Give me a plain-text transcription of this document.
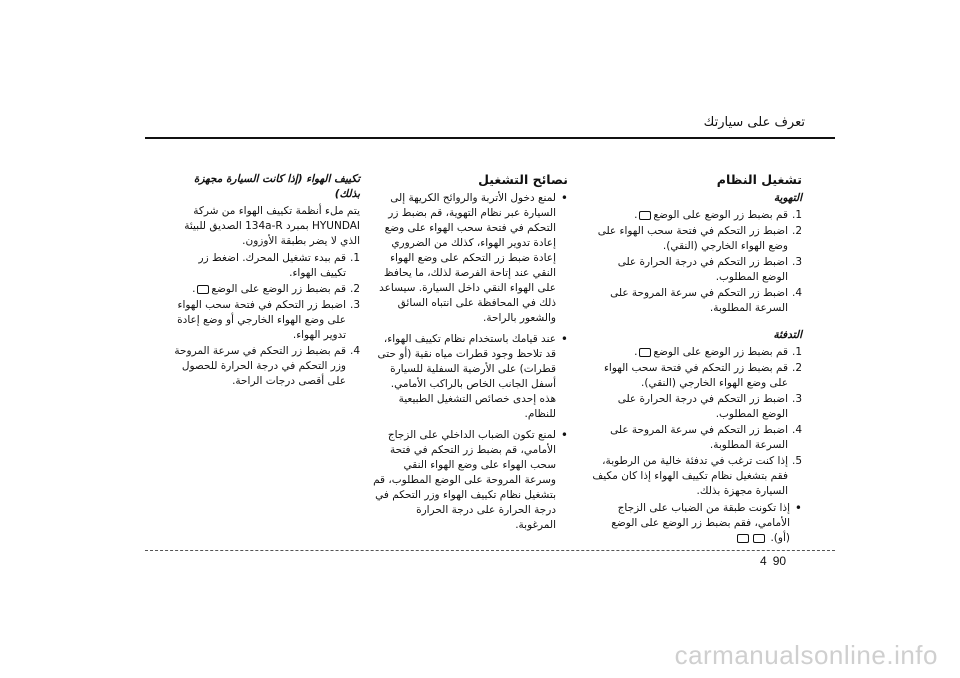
تعرف على سيارتك
تشغيل النظام
التهوية
1.
قم بضبط زر الوضع على الوضع.
2.
اضبط زر التحكم في فتحة سحب الهواء على وضع الهواء الخارجي (النقي).
3.
اضبط زر التحكم في درجة الحرارة على الوضع المطلوب.
4.
اضبط زر التحكم في سرعة المروحة على السرعة المطلوبة.
التدفئة
1.
قم بضبط زر الوضع على الوضع.
2.
قم بضبط زر التحكم في فتحة سحب الهواء على وضع الهواء الخارجي (النقي).
3.
اضبط زر التحكم في درجة الحرارة على الوضع المطلوب.
4.
اضبط زر التحكم في سرعة المروحة على السرعة المطلوبة.
5.
إذا كنت ترغب في تدفئة خالية من الرطوبة، فقم بتشغيل نظام تكييف الهواء إذا كان مكيف السيارة مجهزة بذلك.
• إذا تكونت طبقة من الضباب على الزجاج الأمامي، فقم بضبط زر الوضع على الوضع (أو).
نصائح التشغيل
• لمنع دخول الأتربة والروائح الكريهة إلى السيارة عبر نظام التهوية، قم بضبط زر التحكم في فتحة سحب الهواء على وضع إعادة تدوير الهواء، كذلك من الضروري إعادة ضبط زر التحكم على وضع الهواء النقي عند إتاحة الفرصة لذلك، ما يحافظ على الهواء النقي داخل السيارة. سيساعد ذلك في المحافظة على انتباه السائق والشعور بالراحة.
• عند قيامك باستخدام نظام تكييف الهواء، قد تلاحظ وجود قطرات مياه نقية (أو حتى قطرات) على الأرضية السفلية للسيارة أسفل الجانب الخاص بالراكب الأمامي. هذه إحدى خصائص التشغيل الطبيعية للنظام.
• لمنع تكون الضباب الداخلي على الزجاج الأمامي، قم بضبط زر التحكم في فتحة سحب الهواء على وضع الهواء النقي وسرعة المروحة على الوضع المطلوب، قم بتشغيل نظام تكييف الهواء وزر التحكم في درجة الحرارة على درجة الحرارة المرغوبة.
تكييف الهواء (إذا كانت السيارة مجهزة بذلك)
يتم ملء أنظمة تكييف الهواء من شركة HYUNDAI بمبرد 134a-R الصديق للبيئة الذي لا يضر بطبقة الأوزون.
1.
قم ببدء تشغيل المحرك. اضغط زر تكييف الهواء.
2.
قم بضبط زر الوضع على الوضع.
3.
اضبط زر التحكم في فتحة سحب الهواء على وضع الهواء الخارجي أو وضع إعادة تدوير الهواء.
4.
قم بضبط زر التحكم في سرعة المروحة وزر التحكم في درجة الحرارة للحصول على أقصى درجات الراحة.
4 90
carmanualsonline.info
